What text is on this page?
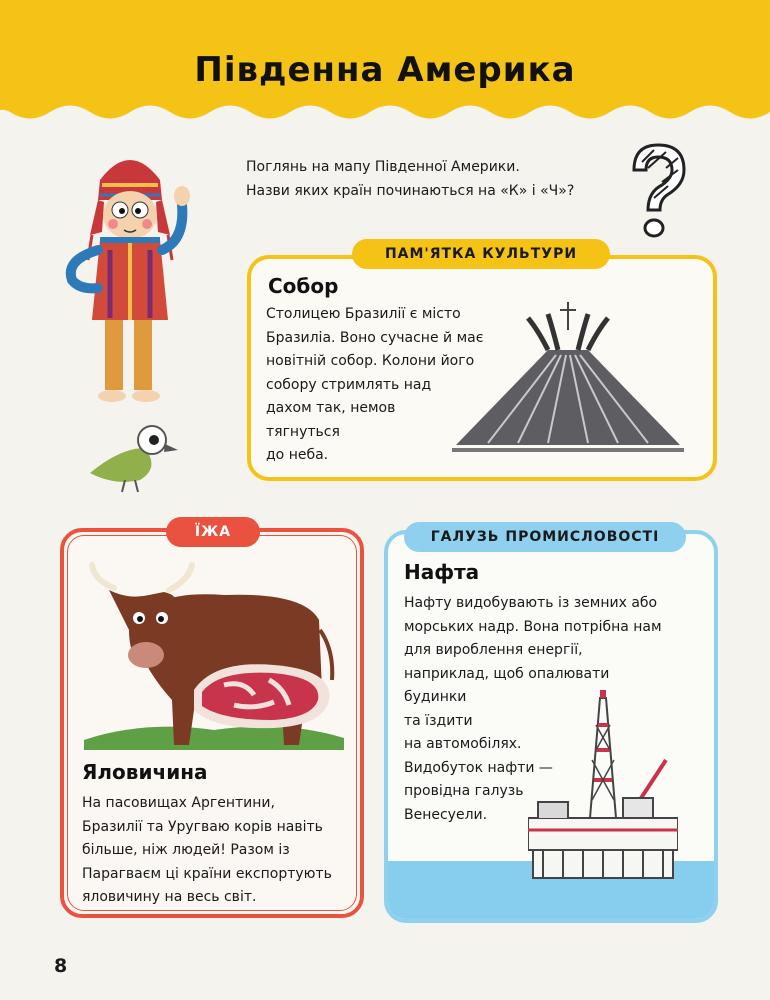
Південна Америка
Поглянь на мапу Південної Америки.
Назви яких країн починаються на «К» і «Ч»?
ПАМ'ЯТКА КУЛЬТУРИ
Собор
Столицею Бразилії є місто
Бразиліа. Воно сучасне й має
новітній собор. Колони його
собору стримлять над
дахом так, немов
тягнуться
до неба.
ЇЖА
Яловичина
На пасовищах Аргентини,
Бразилії та Уругваю корів навіть
більше, ніж людей! Разом із
Парагваєм ці країни експортують
яловичину на весь світ.
ГАЛУЗЬ ПРОМИСЛОВОСТІ
Нафта
Нафту видобувають із земних або
морських надр. Вона потрібна нам
для вироблення енергії,
наприклад, щоб опалювати
будинки
та їздити
на автомобілях.
Видобуток нафти —
провідна галузь
Венесуели.
8
